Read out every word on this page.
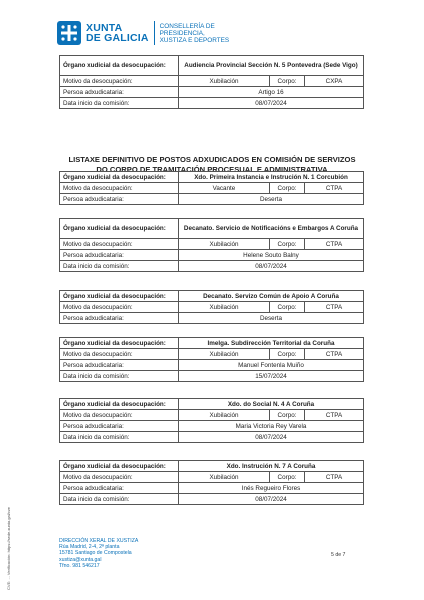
XUNTA
DE GALICIA
CONSELLERÍA DE
PRESIDENCIA,
XUSTIZA E DEPORTES
Órgano xudicial da desocupación:	Audiencia Provincial Sección N. 5 Pontevedra (Sede Vigo)		
Motivo da desocupación:	Xubilación	Corpo:	CXPA
Persoa adxudicataria:	Artigo 16		
Data inicio da comisión:	08/07/2024		
LISTAXE DEFINITIVO DE POSTOS ADXUDICADOS EN COMISIÓN DE SERVIZOS DO CORPO DE TRAMITACIÓN PROCESUAL E ADMINISTRATIVA
Órgano xudicial da desocupación:	Xdo. Primeira Instancia e Instrución N. 1 Corcubión		
Motivo da desocupación:	Vacante	Corpo:	CTPA
Persoa adxudicataria:	Deserta		
Órgano xudicial da desocupación:	Decanato. Servicio de Notificacións e Embargos A Coruña		
Motivo da desocupación:	Xubilación	Corpo:	CTPA
Persoa adxudicataria:	Helene Souto Balny		
Data inicio da comisión:	08/07/2024		
Órgano xudicial da desocupación:	Decanato. Servizo Común de Apoio A Coruña		
Motivo da desocupación:	Xubilación	Corpo:	CTPA
Persoa adxudicataria:	Deserta		
Órgano xudicial da desocupación:	Imelga. Subdirección Territorial da Coruña		
Motivo da desocupación:	Xubilación	Corpo:	CTPA
Persoa adxudicataria:	Manuel Fontenla Muiño		
Data inicio da comisión:	15/07/2024		
Órgano xudicial da desocupación:	Xdo. do Social N. 4 A Coruña		
Motivo da desocupación:	Xubilación	Corpo:	CTPA
Persoa adxudicataria:	Maria Victoria Rey Varela		
Data inicio da comisión:	08/07/2024		
Órgano xudicial da desocupación:	Xdo. Instrución N. 7 A Coruña		
Motivo da desocupación:	Xubilación	Corpo:	CTPA
Persoa adxudicataria:	Inés Regueiro Flores		
Data inicio da comisión:	08/07/2024		
DIRECCIÓN XERAL DE XUSTIZA
Rúa Madrid, 2-4, 2ª planta
15781 Santiago de Compostela
xustiza@xunta.gal
Tfno. 981 546217
5 de 7
CVE: ... Verificación: https://sede.xunta.gal/cve
